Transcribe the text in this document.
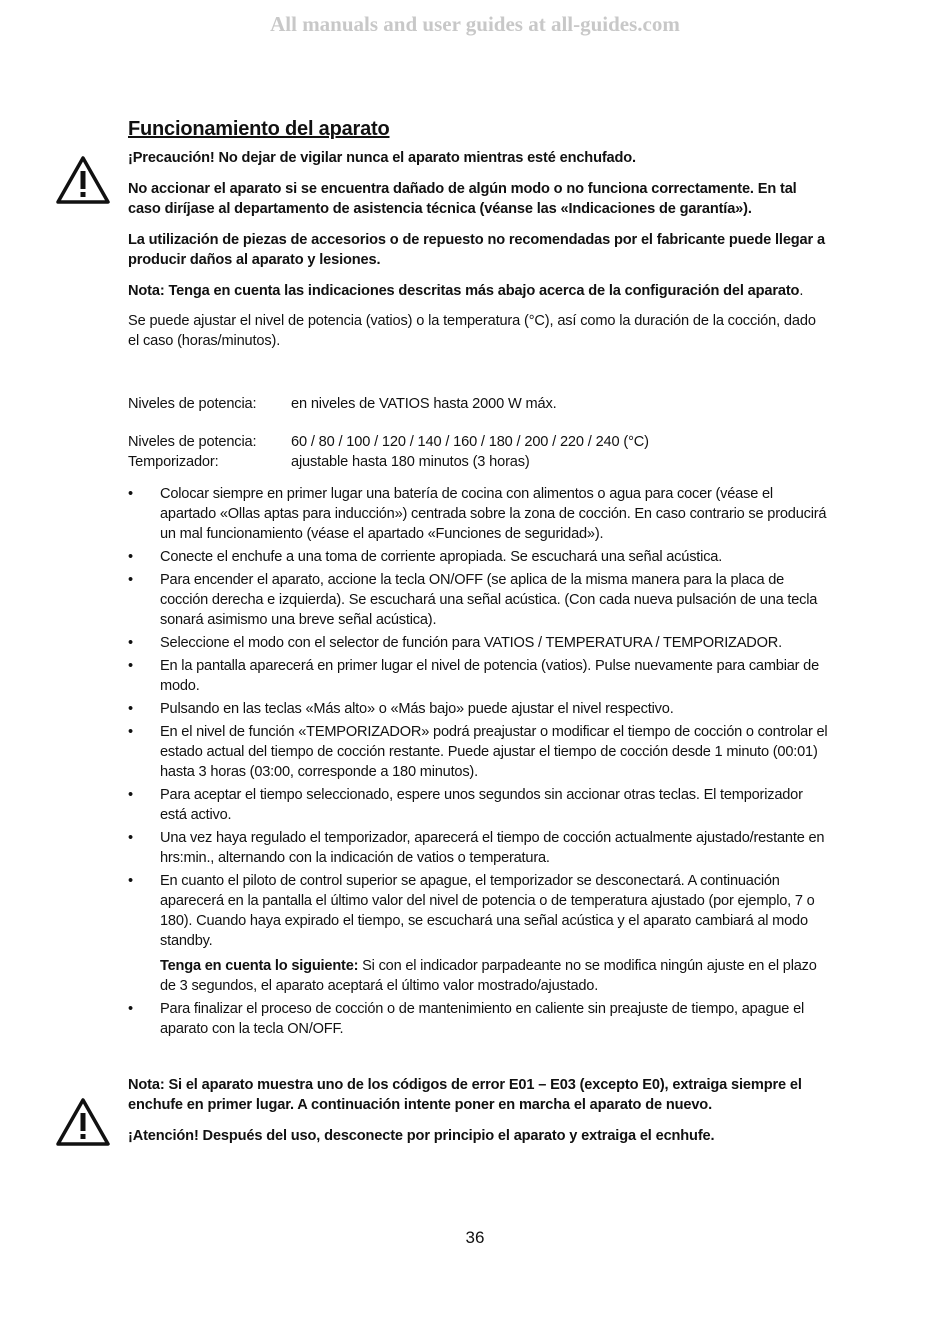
All manuals and user guides at all-guides.com
Funcionamiento del aparato
¡Precaución! No dejar de vigilar nunca el aparato mientras esté enchufado.
No accionar el aparato si se encuentra dañado de algún modo o no funciona correctamente. En tal caso diríjase al departamento de asistencia técnica (véanse las «Indicaciones de garantía»).
La utilización de piezas de accesorios o de repuesto no recomendadas por el fabricante puede llegar a producir daños al aparato y lesiones.
Nota: Tenga en cuenta las indicaciones descritas más abajo acerca de la configuración del aparato.
Se puede ajustar el nivel de potencia (vatios) o la temperatura (°C), así como la duración de la cocción, dado el caso (horas/minutos).
Niveles de potencia:	en niveles de VATIOS hasta 2000 W máx.
Niveles de potencia:	60 / 80 / 100 / 120 / 140 / 160 / 180 / 200 / 220 / 240 (°C)
Temporizador:	ajustable hasta 180 minutos (3 horas)
• Colocar siempre en primer lugar una batería de cocina con alimentos o agua para cocer (véase el apartado «Ollas aptas para inducción») centrada sobre la zona de cocción. En caso contrario se producirá un mal funcionamiento (véase el apartado «Funciones de seguridad»).
• Conecte el enchufe a una toma de corriente apropiada. Se escuchará una señal acústica.
• Para encender el aparato, accione la tecla ON/OFF (se aplica de la misma manera para la placa de cocción derecha e izquierda). Se escuchará una señal acústica. (Con cada nueva pulsación de una tecla sonará asimismo una breve señal acústica).
• Seleccione el modo con el selector de función para VATIOS / TEMPERATURA / TEMPORIZADOR.
• En la pantalla aparecerá en primer lugar el nivel de potencia (vatios). Pulse nuevamente para cambiar de modo.
• Pulsando en las teclas «Más alto» o «Más bajo» puede ajustar el nivel respectivo.
• En el nivel de función «TEMPORIZADOR» podrá preajustar o modificar el tiempo de cocción o controlar el estado actual del tiempo de cocción restante. Puede ajustar el tiempo de cocción desde 1 minuto (00:01) hasta 3 horas (03:00, corresponde a 180 minutos).
• Para aceptar el tiempo seleccionado, espere unos segundos sin accionar otras teclas. El temporizador está activo.
• Una vez haya regulado el temporizador, aparecerá el tiempo de cocción actualmente ajustado/restante en hrs:min., alternando con la indicación de vatios o temperatura.
• En cuanto el piloto de control superior se apague, el temporizador se desconectará. A continuación aparecerá en la pantalla el último valor del nivel de potencia o de temperatura ajustado (por ejemplo, 7 o 180). Cuando haya expirado el tiempo, se escuchará una señal acústica y el aparato cambiará al modo standby.
Tenga en cuenta lo siguiente: Si con el indicador parpadeante no se modifica ningún ajuste en el plazo de 3 segundos, el aparato aceptará el último valor mostrado/ajustado.
• Para finalizar el proceso de cocción o de mantenimiento en caliente sin preajuste de tiempo, apague el aparato con la tecla ON/OFF.
Nota: Si el aparato muestra uno de los códigos de error E01 – E03 (excepto E0), extraiga siempre el enchufe en primer lugar. A continuación intente poner en marcha el aparato de nuevo.
¡Atención! Después del uso, desconecte por principio el aparato y extraiga el ecnhufe.
36
